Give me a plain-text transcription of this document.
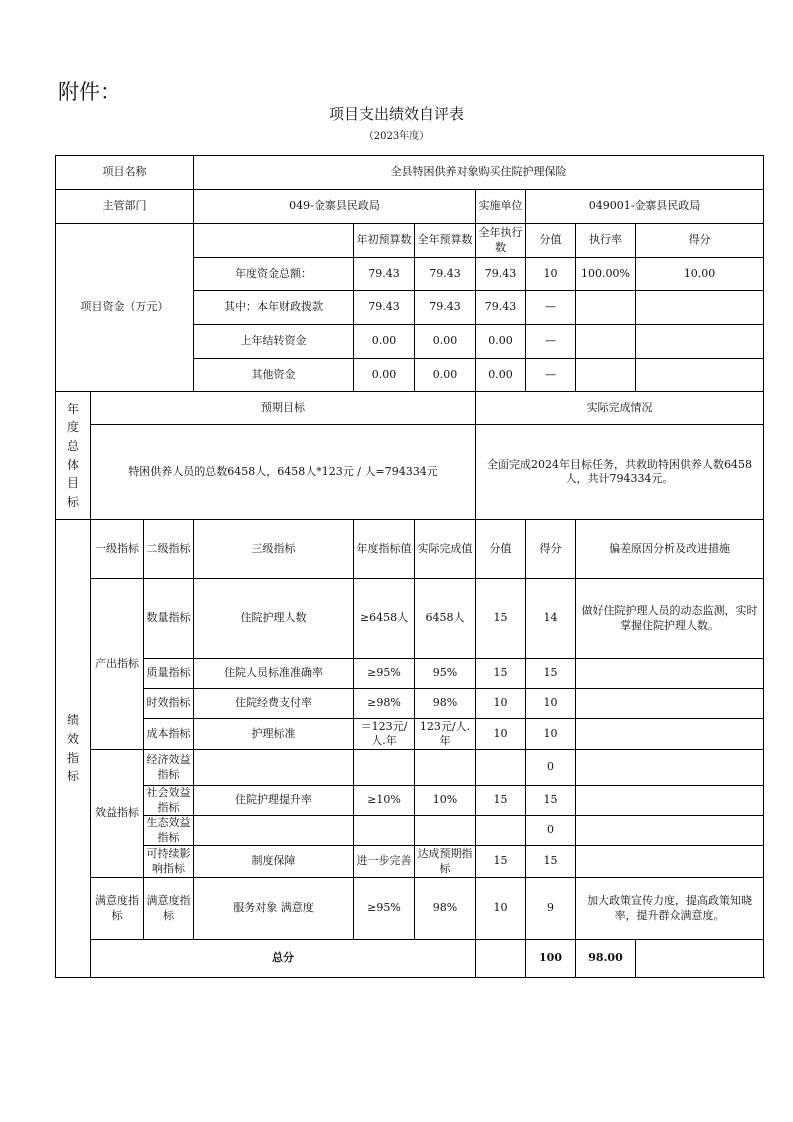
附件：
项目支出绩效自评表
（2023年度）
项目名称			全县特困供养对象购买住院护理保险						
主管部门			049-金寨县民政局			实施单位	049001-金寨县民政局		
项目资金（万元）				年初预算数	全年预算数	全年执行数	分值	执行率	得分
			年度资金总额：	79.43	79.43	79.43	10	100.00%	10.00
			其中：本年财政拨款	79.43	79.43	79.43	—		
			上年结转资金	0.00	0.00	0.00	—		
			其他资金	0.00	0.00	0.00	—		
年度总体目标	预期目标					实际完成情况			
	特困供养人员的总数6458人，6458人*123元 / 人=794334元					全面完成2024年目标任务，共救助特困供养人数6458人，共计794334元。			
绩效指标	一级指标	二级指标	三级指标	年度指标值	实际完成值	分值	得分	偏差原因分析及改进措施	
	产出指标	数量指标	住院护理人数	≥6458人	6458人	15	14	做好住院护理人员的动态监测，实时掌握住院护理人数。	
		质量指标	住院人员标准准确率	≥95%	95%	15	15		
		时效指标	住院经费支付率	≥98%	98%	10	10		
		成本指标	护理标准	＝123元/人.年	123元/人.年	10	10		
	效益指标	经济效益指标					0		
		社会效益指标	住院护理提升率	≥10%	10%	15	15		
		生态效益指标					0		
		可持续影响指标	制度保障	进一步完善	达成预期指标	15	15		
	满意度指标	满意度指标	服务对象 满意度	≥95%	98%	10	9	加大政策宣传力度，提高政策知晓率，提升群众满意度。	
	总分						100	98.00	
